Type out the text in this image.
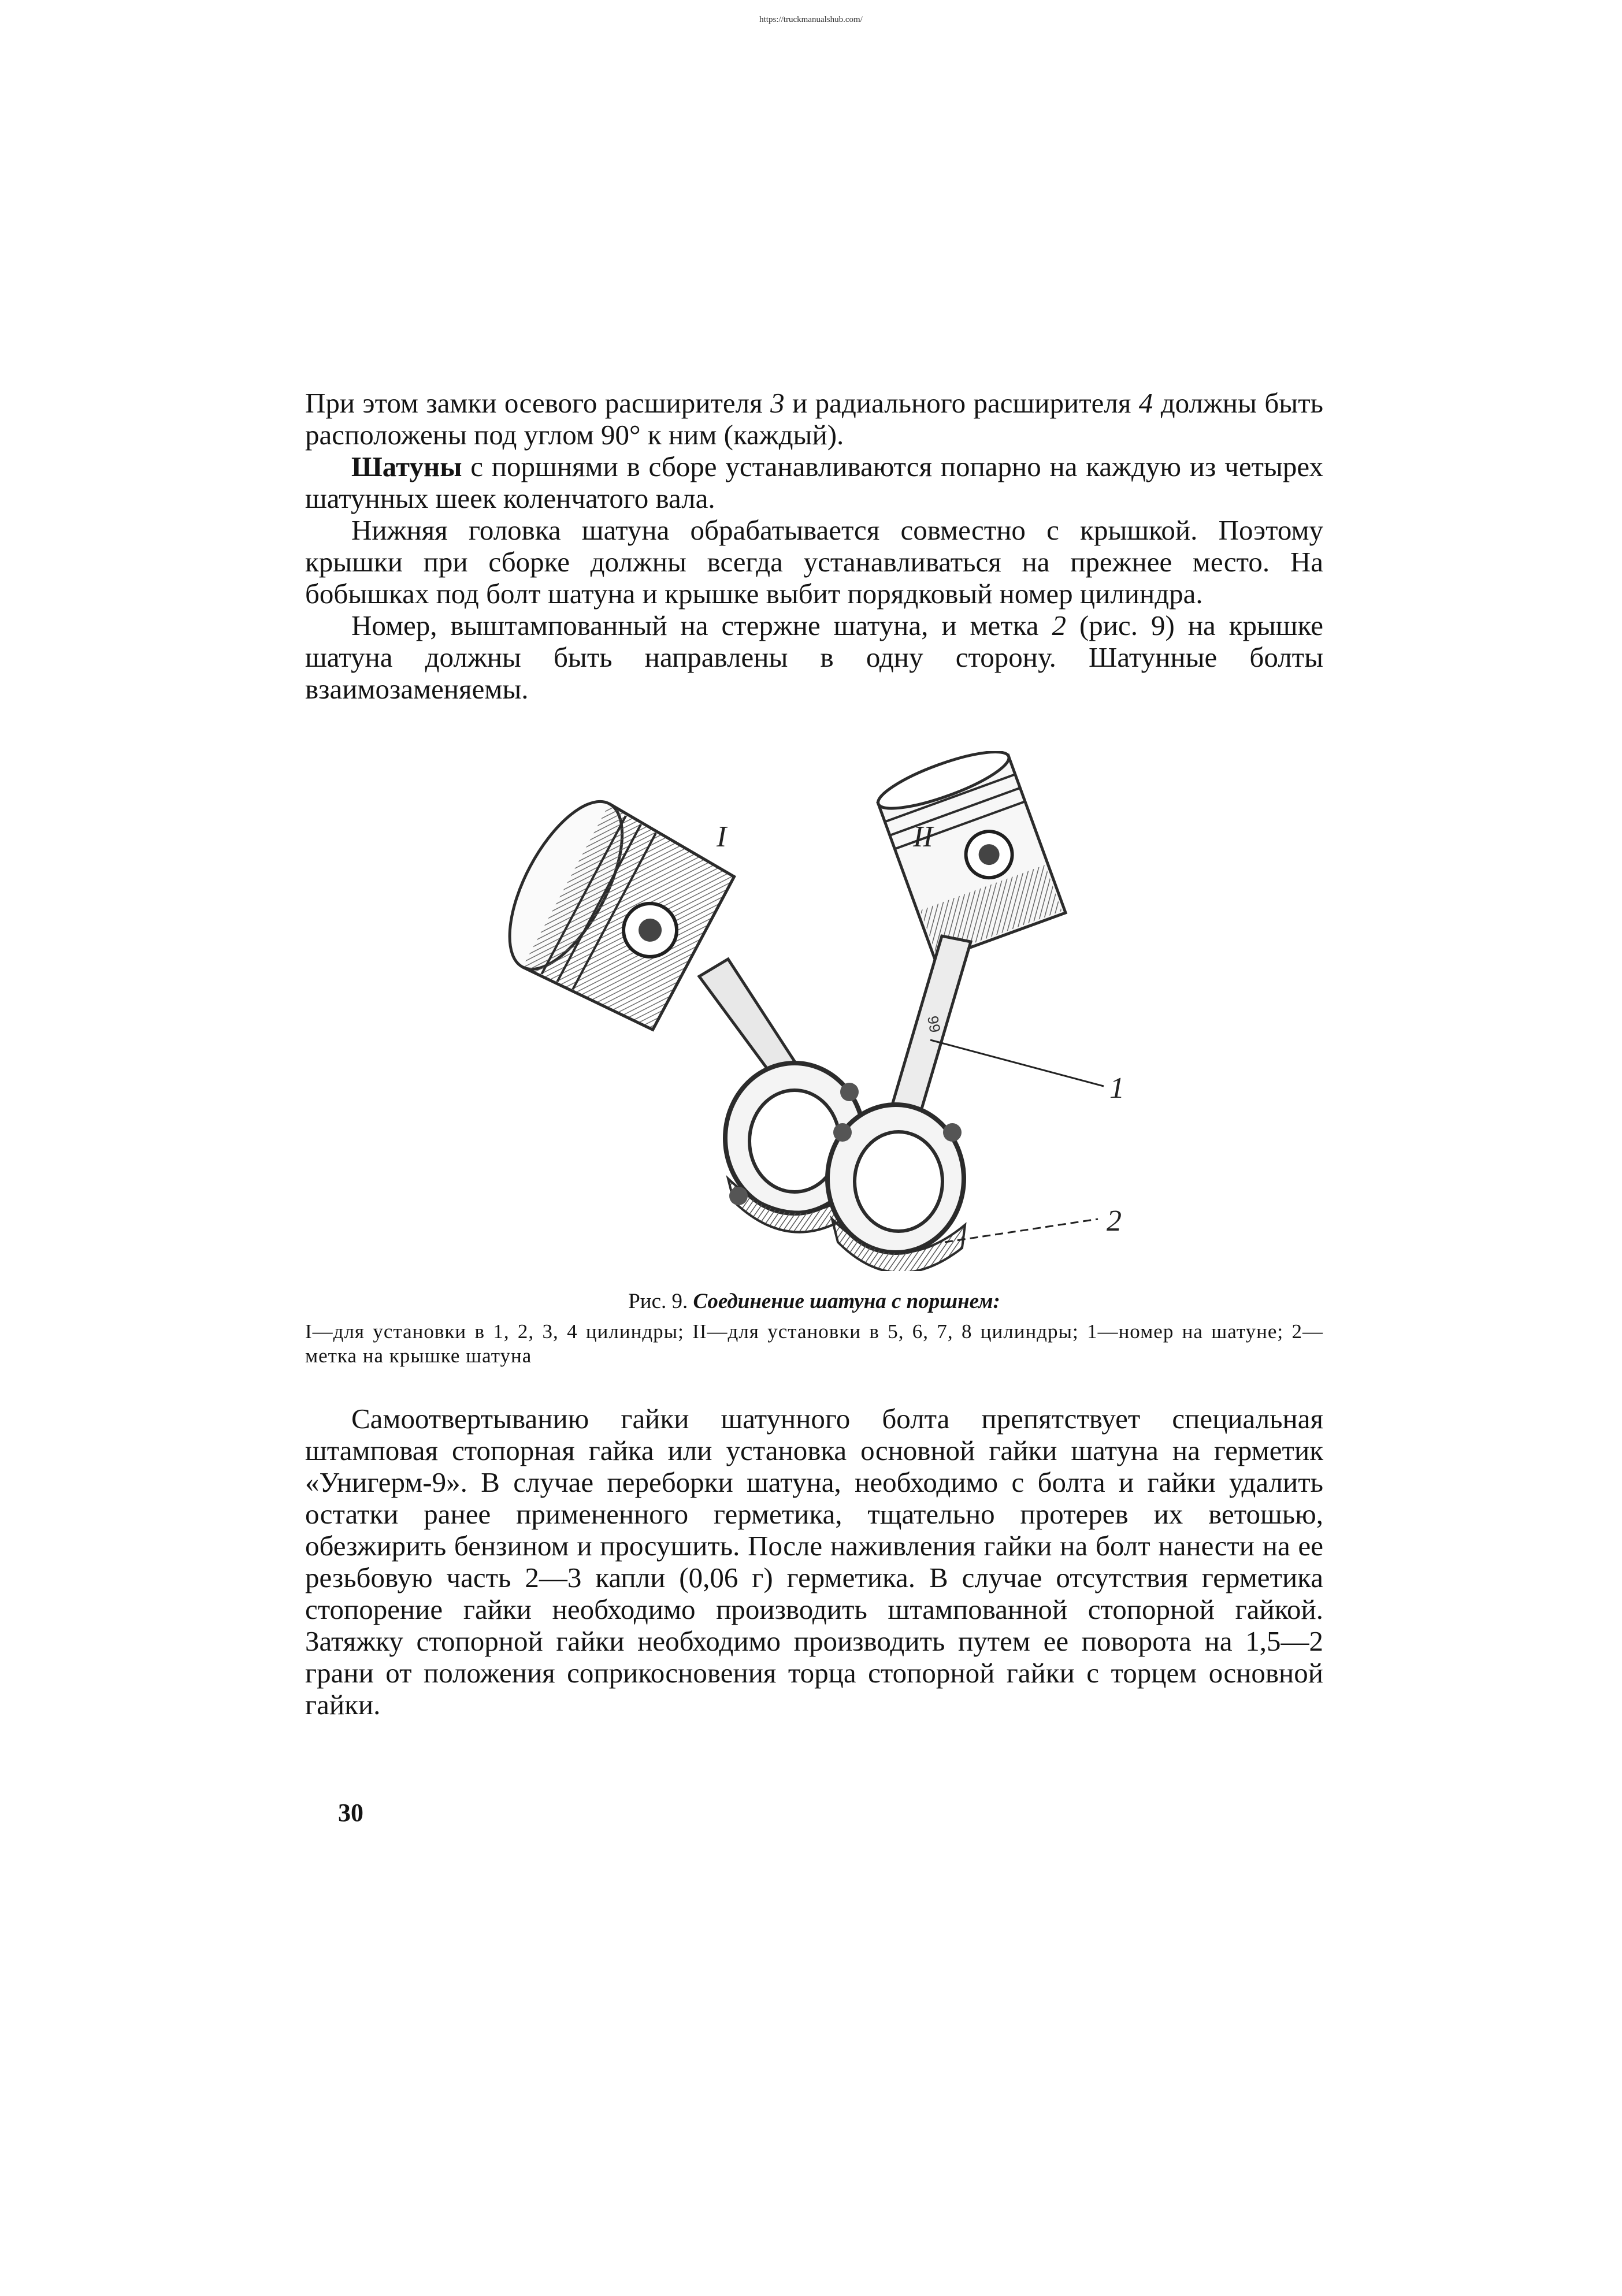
https://truckmanualshub.com/

При этом замки осевого расширителя 3 и радиального расширителя 4 должны быть расположены под углом 90° к ним (каждый).

Шатуны с поршнями в сборе устанавливаются попарно на каждую из четырех шатунных шеек коленчатого вала.

Нижняя головка шатуна обрабатывается совместно с крышкой. Поэтому крышки при сборке должны всегда устанавливаться на прежнее место. На бобышках под болт шатуна и крышке выбит порядковый номер цилиндра.

Номер, выштампованный на стержне шатуна, и метка 2 (рис. 9) на крышке шатуна должны быть направлены в одну сторону. Шатунные болты взаимозаменяемы.

99
I	II
1
2

Рис. 9. Соединение шатуна с поршнем:

I—для установки в 1, 2, 3, 4 цилиндры; II—для установки в 5, 6, 7, 8 цилиндры; 1—номер на шатуне; 2—метка на крышке шатуна

Самоотвертыванию гайки шатунного болта препятствует специальная штамповая стопорная гайка или установка основной гайки шатуна на герметик «Унигерм-9». В случае переборки шатуна, необходимо с болта и гайки удалить остатки ранее примененного герметика, тщательно протерев их ветошью, обезжирить бензином и просушить. После наживления гайки на болт нанести на ее резьбовую часть 2—3 капли (0,06 г) герметика. В случае отсутствия герметика стопорение гайки необходимо производить штампованной стопорной гайкой. Затяжку стопорной гайки необходимо производить путем ее поворота на 1,5—2 грани от положения соприкосновения торца стопорной гайки с торцем основной гайки.

30
